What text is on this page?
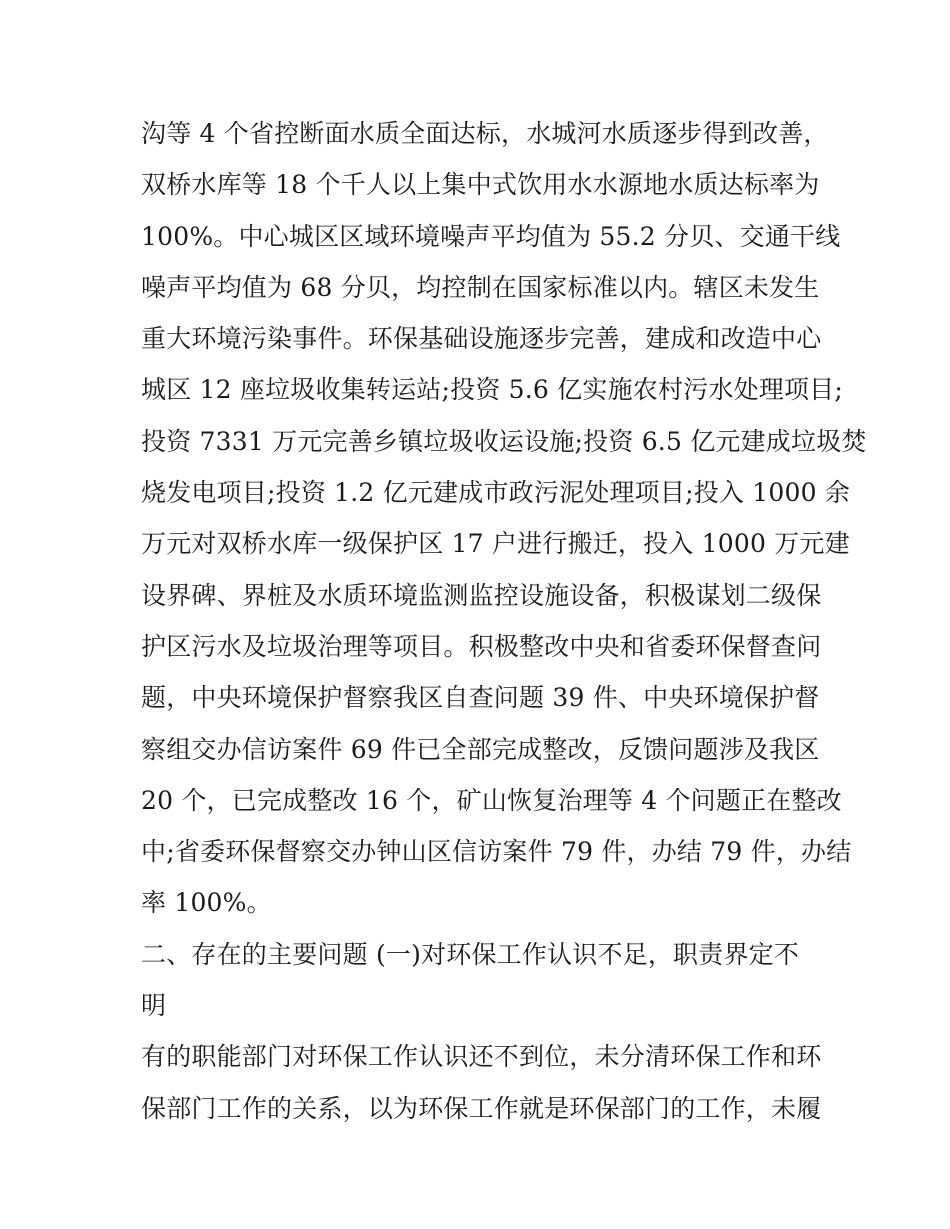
沟等 4 个省控断面水质全面达标，水城河水质逐步得到改善，
双桥水库等 18 个千人以上集中式饮用水水源地水质达标率为
100%。中心城区区域环境噪声平均值为 55.2 分贝、交通干线
噪声平均值为 68 分贝，均控制在国家标准以内。辖区未发生
重大环境污染事件。环保基础设施逐步完善，建成和改造中心
城区 12 座垃圾收集转运站;投资 5.6 亿实施农村污水处理项目;
投资 7331 万元完善乡镇垃圾收运设施;投资 6.5 亿元建成垃圾焚
烧发电项目;投资 1.2 亿元建成市政污泥处理项目;投入 1000 余
万元对双桥水库一级保护区 17 户进行搬迁，投入 1000 万元建
设界碑、界桩及水质环境监测监控设施设备，积极谋划二级保
护区污水及垃圾治理等项目。积极整改中央和省委环保督查问
题，中央环境保护督察我区自查问题 39 件、中央环境保护督
察组交办信访案件 69 件已全部完成整改，反馈问题涉及我区
20 个，已完成整改 16 个，矿山恢复治理等 4 个问题正在整改
中;省委环保督察交办钟山区信访案件 79 件，办结 79 件，办结
率 100%。
二、存在的主要问题 (一)对环保工作认识不足，职责界定不
明
有的职能部门对环保工作认识还不到位，未分清环保工作和环
保部门工作的关系，以为环保工作就是环保部门的工作，未履
